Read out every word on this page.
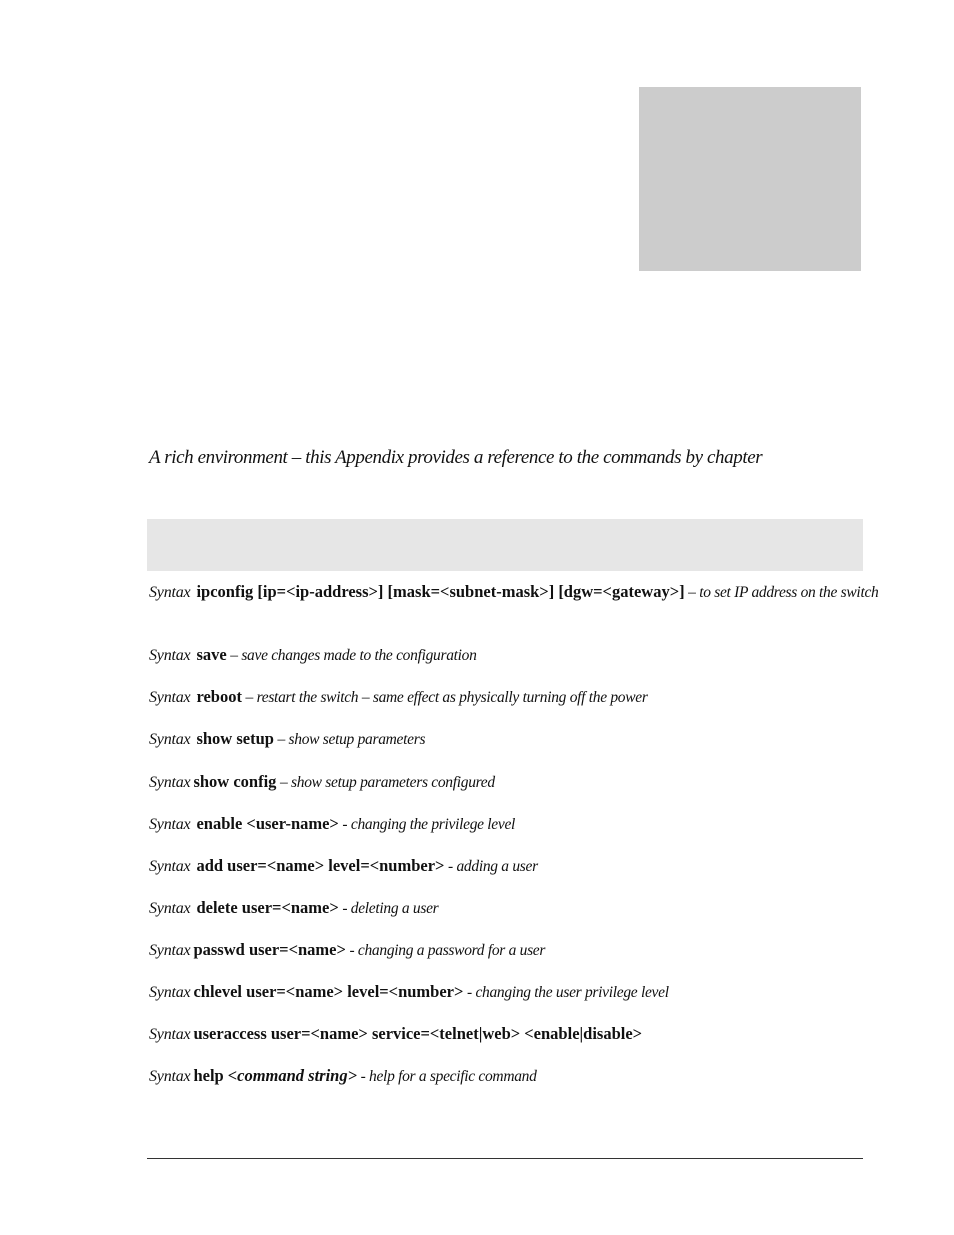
A rich environment – this Appendix provides a reference to the commands by chapter
Syntax ipconfig [ip=<ip-address>] [mask=<subnet-mask>] [dgw=<gateway>] – to set IP address on the switch
Syntax save – save changes made to the configuration
Syntax reboot – restart the switch – same effect as physically turning off the power
Syntax show setup – show setup parameters
Syntax show config – show setup parameters configured
Syntax enable <user-name> - changing the privilege level
Syntax add user=<name> level=<number> - adding a user
Syntax delete user=<name> - deleting a user
Syntax passwd user=<name> - changing a password for a user
Syntax chlevel user=<name> level=<number> - changing the user privilege level
Syntax useraccess user=<name> service=<telnet|web> <enable|disable>
Syntax help <command string> - help for a specific command
